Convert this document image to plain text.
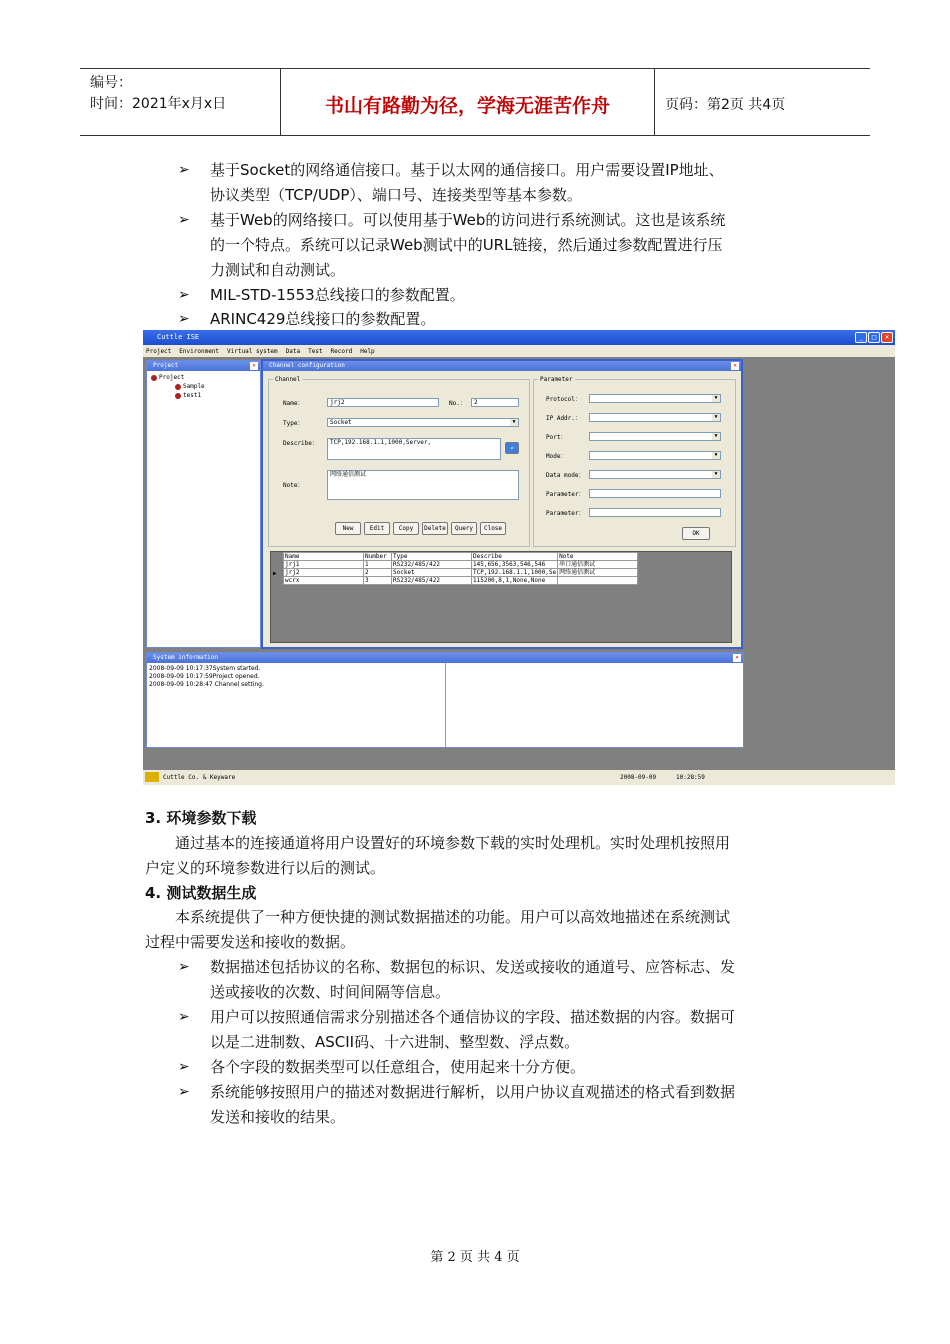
编号：
时间：2021年x月x日	书山有路勤为径，学海无涯苦作舟	页码：第2页 共4页
➢ 基于Socket的网络通信接口。基于以太网的通信接口。用户需要设置IP地址、
协议类型（TCP/UDP）、端口号、连接类型等基本参数。
➢ 基于Web的网络接口。可以使用基于Web的访问进行系统测试。这也是该系统
的一个特点。系统可以记录Web测试中的URL链接，然后通过参数配置进行压
力测试和自动测试。
➢ MIL-STD-1553总线接口的参数配置。
➢ ARINC429总线接口的参数配置。
Cuttle ISE	_	□	✕
Project Environment Virtual system Data Test Record Help
Project	✕
Project
Sample
test1
Channel configuration	✕
Channel
Name：	jrj2	No.：	2
Type：	Socket	▼
Describe：	TCP,192.168.1.1,1000,Server,
⌕
Note：
网络通信测试
New	Edit	Copy	Delete	Query	Close
Parameter
Protocol：	▼
IP Addr.：	▼
Port：	▼
Mode：	▼
Data mode：	▼
Parameter：
Parameter：
OK
Name	Number	Type	Describe	Note
jrj1	1	RS232/485/422	145,656,3563,546,546	串口通信测试
jrj2	2	Socket	TCP,192.168.1.1,1000,Se	网络通信测试
wcrx	3	RS232/485/422	115200,8,1,None,None	
▶
System information	✕
2008-09-09 10:17:37System started.
2008-09-09 10:17:59Project opened.
2008-09-09 10:28:47 Channel setting.
Cuttle Co. & Keyware	2008-09-09	10:28:59
3. 环境参数下载
通过基本的连接通道将用户设置好的环境参数下载的实时处理机。实时处理机按照用
户定义的环境参数进行以后的测试。
4. 测试数据生成
本系统提供了一种方便快捷的测试数据描述的功能。用户可以高效地描述在系统测试
过程中需要发送和接收的数据。
➢ 数据描述包括协议的名称、数据包的标识、发送或接收的通道号、应答标志、发
送或接收的次数、时间间隔等信息。
➢ 用户可以按照通信需求分别描述各个通信协议的字段、描述数据的内容。数据可
以是二进制数、ASCII码、十六进制、整型数、浮点数。
➢ 各个字段的数据类型可以任意组合，使用起来十分方便。
➢ 系统能够按照用户的描述对数据进行解析，以用户协议直观描述的格式看到数据
发送和接收的结果。
第 2 页 共 4 页
